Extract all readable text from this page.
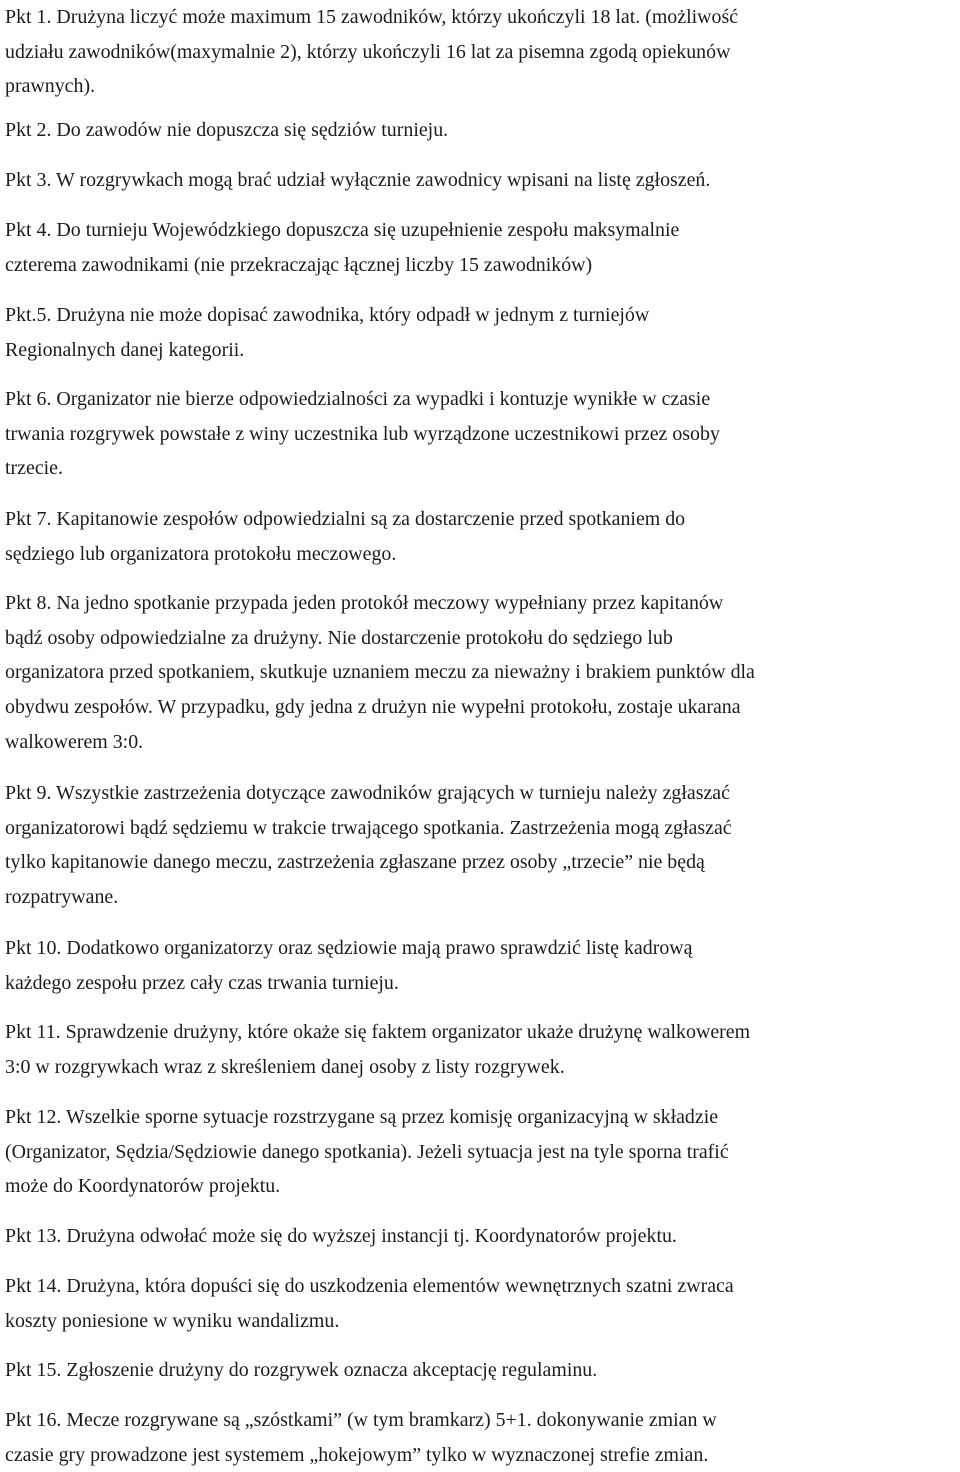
Pkt 1. Drużyna liczyć może maximum 15 zawodników, którzy ukończyli 18 lat. (możliwość
udziału zawodników(maxymalnie 2), którzy ukończyli 16 lat za pisemna zgodą opiekunów
prawnych).

Pkt 2. Do zawodów nie dopuszcza się sędziów turnieju.

Pkt 3. W rozgrywkach mogą brać udział wyłącznie zawodnicy wpisani na listę zgłoszeń.

Pkt 4. Do turnieju Wojewódzkiego dopuszcza się uzupełnienie zespołu maksymalnie
czterema zawodnikami (nie przekraczając łącznej liczby 15 zawodników)

Pkt.5. Drużyna nie może dopisać zawodnika, który odpadł w jednym z turniejów
Regionalnych danej kategorii.

Pkt 6. Organizator nie bierze odpowiedzialności za wypadki i kontuzje wynikłe w czasie
trwania rozgrywek powstałe z winy uczestnika lub wyrządzone uczestnikowi przez osoby
trzecie.

Pkt 7. Kapitanowie zespołów odpowiedzialni są za dostarczenie przed spotkaniem do
sędziego lub organizatora protokołu meczowego.

Pkt 8. Na jedno spotkanie przypada jeden protokół meczowy wypełniany przez kapitanów
bądź osoby odpowiedzialne za drużyny. Nie dostarczenie protokołu do sędziego lub
organizatora przed spotkaniem, skutkuje uznaniem meczu za nieważny i brakiem punktów dla
obydwu zespołów. W przypadku, gdy jedna z drużyn nie wypełni protokołu, zostaje ukarana
walkowerem 3:0.

Pkt 9. Wszystkie zastrzeżenia dotyczące zawodników grających w turnieju należy zgłaszać
organizatorowi bądź sędziemu w trakcie trwającego spotkania. Zastrzeżenia mogą zgłaszać
tylko kapitanowie danego meczu, zastrzeżenia zgłaszane przez osoby „trzecie” nie będą
rozpatrywane.

Pkt 10. Dodatkowo organizatorzy oraz sędziowie mają prawo sprawdzić listę kadrową
każdego zespołu przez cały czas trwania turnieju.

Pkt 11. Sprawdzenie drużyny, które okaże się faktem organizator ukaże drużynę walkowerem
3:0 w rozgrywkach wraz z skreśleniem danej osoby z listy rozgrywek.

Pkt 12. Wszelkie sporne sytuacje rozstrzygane są przez komisję organizacyjną w składzie
(Organizator, Sędzia/Sędziowie danego spotkania). Jeżeli sytuacja jest na tyle sporna trafić
może do Koordynatorów projektu.

Pkt 13. Drużyna odwołać może się do wyższej instancji tj. Koordynatorów projektu.

Pkt 14. Drużyna, która dopuści się do uszkodzenia elementów wewnętrznych szatni zwraca
koszty poniesione w wyniku wandalizmu.

Pkt 15. Zgłoszenie drużyny do rozgrywek oznacza akceptację regulaminu.

Pkt 16. Mecze rozgrywane są „szóstkami” (w tym bramkarz) 5+1. dokonywanie zmian w
czasie gry prowadzone jest systemem „hokejowym” tylko w wyznaczonej strefie zmian.
